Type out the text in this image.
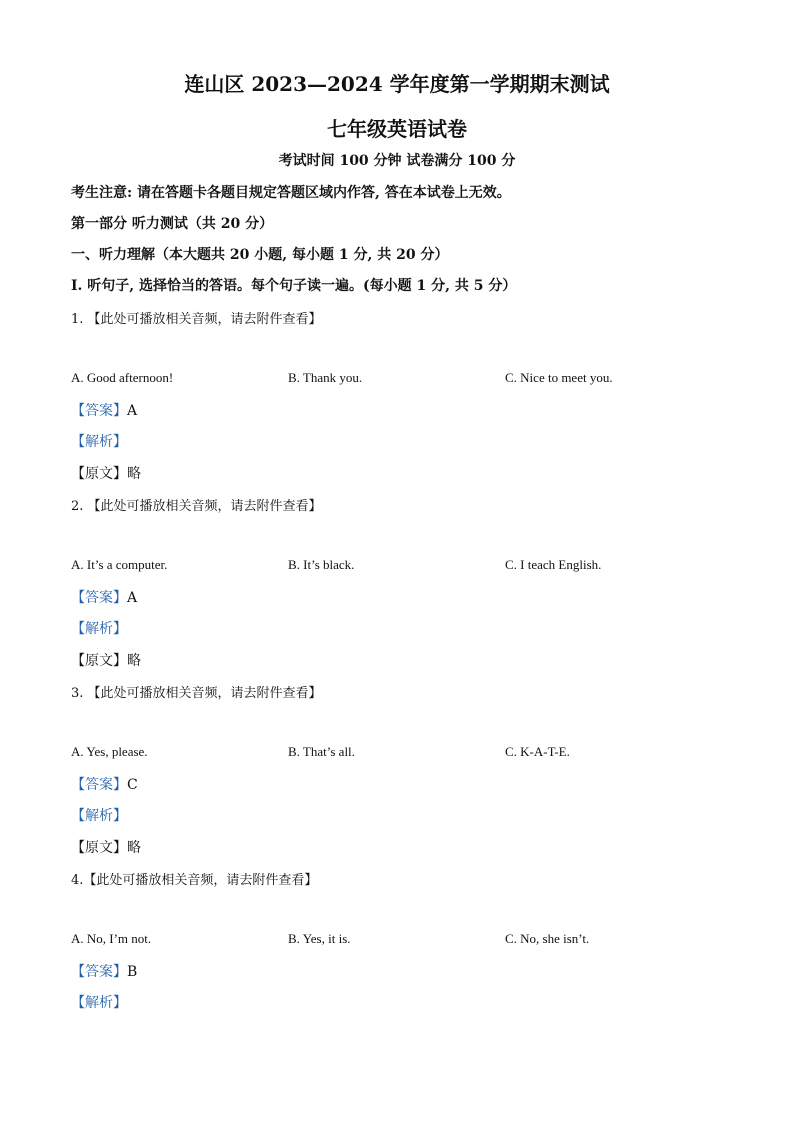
连山区 2023—2024 学年度第一学期期末测试
七年级英语试卷
考试时间 100 分钟 试卷满分 100 分
考生注意: 请在答题卡各题目规定答题区域内作答, 答在本试卷上无效。
第一部分 听力测试（共 20 分）
一、听力理解（本大题共 20 小题, 每小题 1 分, 共 20 分）
I. 听句子, 选择恰当的答语。每个句子读一遍。(每小题 1 分, 共 5 分）
1. 【此处可播放相关音频，请去附件查看】
A. Good afternoon!	B. Thank you.	C. Nice to meet you.
【答案】A
【解析】
【原文】略
2. 【此处可播放相关音频，请去附件查看】
A. It’s a computer.	B. It’s black.	C. I teach English.
【答案】A
【解析】
【原文】略
3. 【此处可播放相关音频，请去附件查看】
A. Yes, please.	B. That’s all.	C. K-A-T-E.
【答案】C
【解析】
【原文】略
4.【此处可播放相关音频，请去附件查看】
A. No, I’m not.	B. Yes, it is.	C. No, she isn’t.
【答案】B
【解析】
